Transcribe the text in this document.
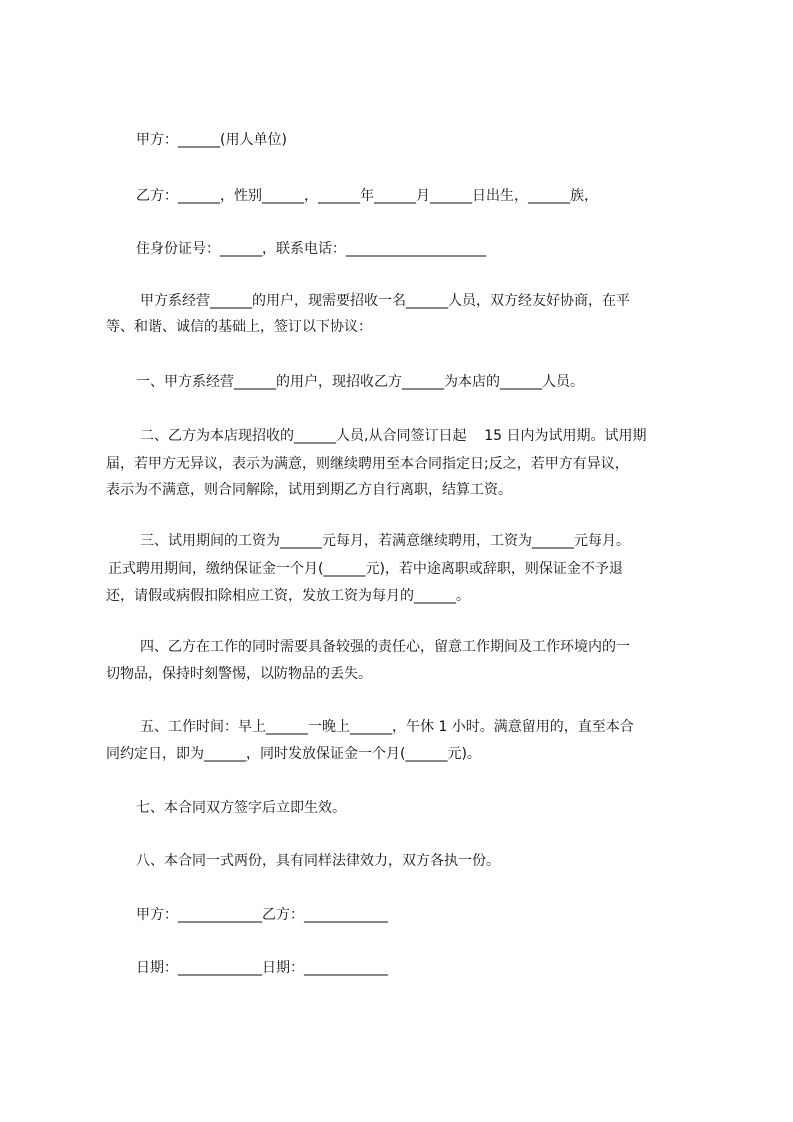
甲方：______(用人单位)

乙方：______，性别______，______年______月______日出生，______族，

住身份证号：______，联系电话：____________________

甲方系经营______的用户，现需要招收一名______人员，双方经友好协商，在平

等、和谐、诚信的基础上，签订以下协议：

一、甲方系经营______的用户，现招收乙方______为本店的______人员。

二、乙方为本店现招收的______人员,从合同签订日起    15 日内为试用期。试用期

届，若甲方无异议，表示为满意，则继续聘用至本合同指定日;反之，若甲方有异议，

表示为不满意，则合同解除，试用到期乙方自行离职，结算工资。

三、试用期间的工资为______元每月，若满意继续聘用，工资为______元每月。

正式聘用期间，缴纳保证金一个月(______元)，若中途离职或辞职，则保证金不予退

还，请假或病假扣除相应工资，发放工资为每月的______。

四、乙方在工作的同时需要具备较强的责任心，留意工作期间及工作环境内的一

切物品，保持时刻警惕，以防物品的丢失。

五、工作时间：早上______一晚上______，午休 1 小时。满意留用的，直至本合

同约定日，即为______，同时发放保证金一个月(______元)。

七、本合同双方签字后立即生效。

八、本合同一式两份，具有同样法律效力，双方各执一份。

甲方：____________乙方：____________

日期：____________日期：____________
